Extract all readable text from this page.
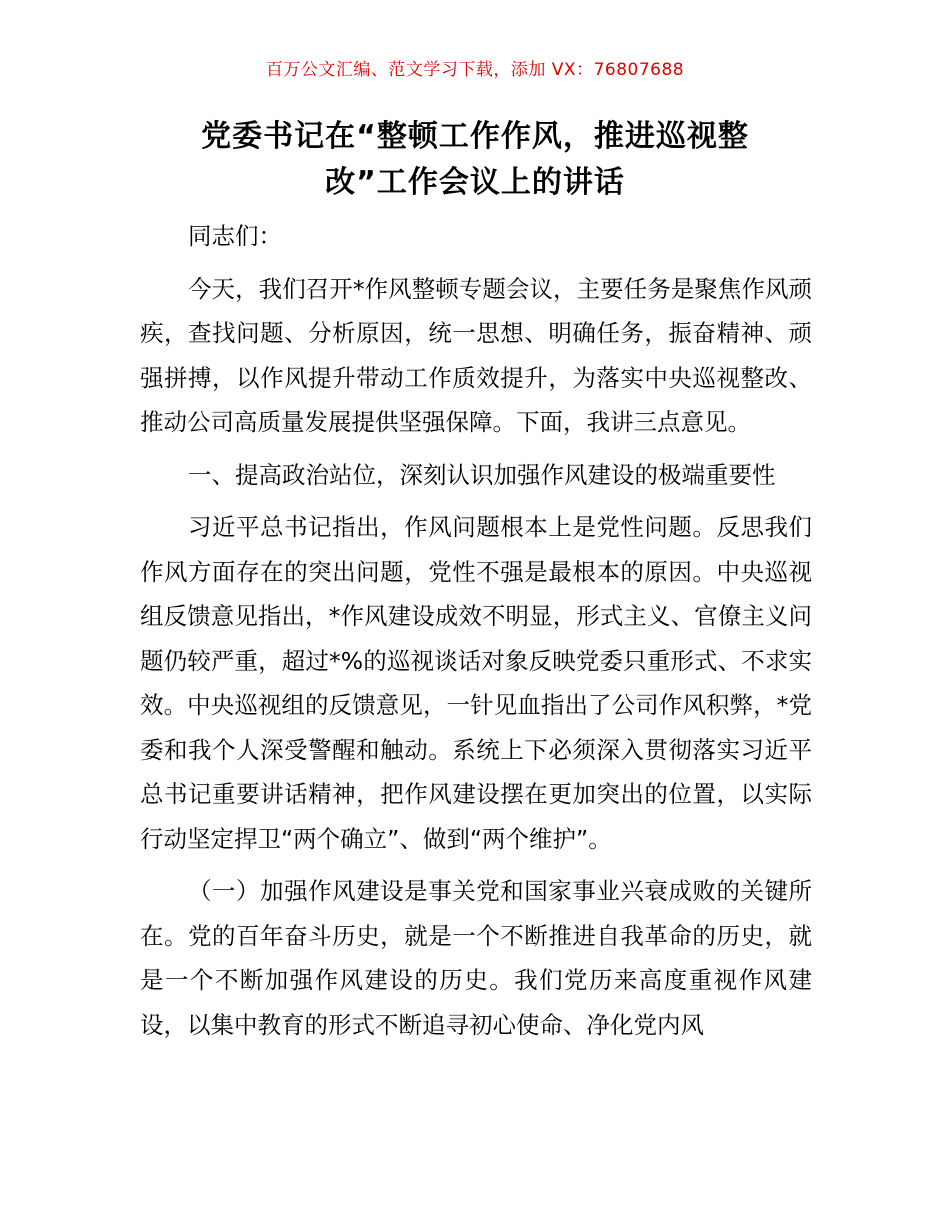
百万公文汇编、范文学习下载，添加 VX：76807688
党委书记在“整顿工作作风，推进巡视整
改”工作会议上的讲话

同志们：

今天，我们召开*作风整顿专题会议，主要任务是聚焦作风顽疾，查找问题、分析原因，统一思想、明确任务，振奋精神、顽强拼搏，以作风提升带动工作质效提升，为落实中央巡视整改、推动公司高质量发展提供坚强保障。下面，我讲三点意见。

一、提高政治站位，深刻认识加强作风建设的极端重要性

习近平总书记指出，作风问题根本上是党性问题。反思我们作风方面存在的突出问题，党性不强是最根本的原因。中央巡视组反馈意见指出，*作风建设成效不明显，形式主义、官僚主义问题仍较严重，超过*%的巡视谈话对象反映党委只重形式、不求实效。中央巡视组的反馈意见，一针见血指出了公司作风积弊，*党委和我个人深受警醒和触动。系统上下必须深入贯彻落实习近平总书记重要讲话精神，把作风建设摆在更加突出的位置，以实际行动坚定捍卫“两个确立”、做到“两个维护”。

（一）加强作风建设是事关党和国家事业兴衰成败的关键所在。党的百年奋斗历史，就是一个不断推进自我革命的历史，就是一个不断加强作风建设的历史。我们党历来高度重视作风建设，以集中教育的形式不断追寻初心使命、净化党内风
